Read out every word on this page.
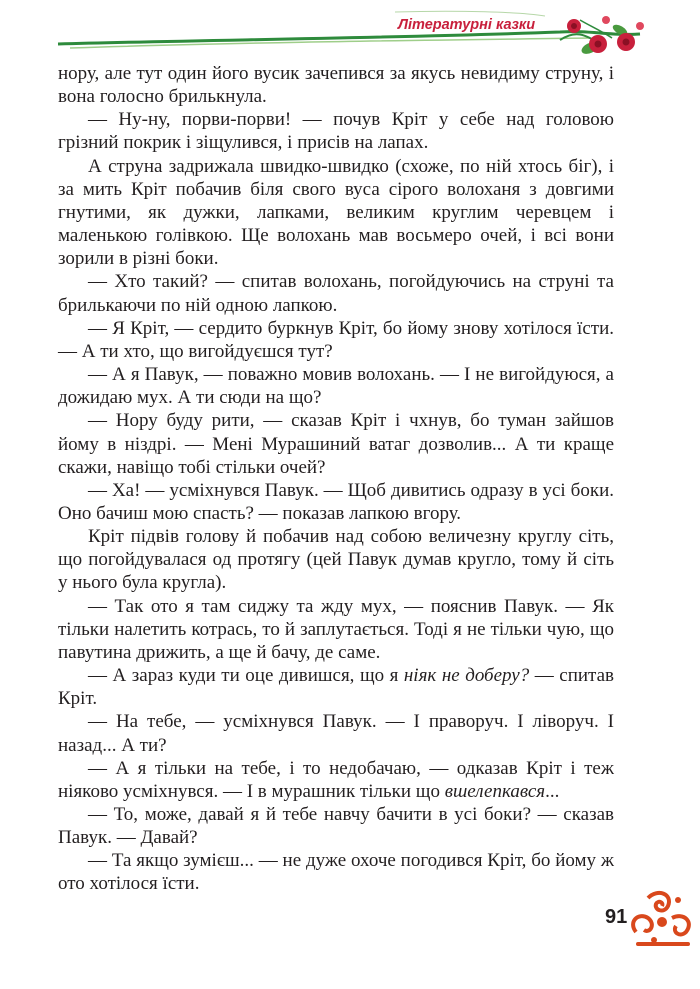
Літературні казки

нору, але тут один його вусик зачепився за якусь невидиму струну, і вона голосно брилькнула.

— Ну-ну, порви-порви! — почув Кріт у себе над головою грізний покрик і зіщулився, і присів на лапах.

А струна задрижала швидко-швидко (схоже, по ній хтось біг), і за мить Кріт побачив біля свого вуса сірого волоханя з довгими гнутими, як дужки, лапками, великим круглим черевцем і маленькою голівкою. Ще волохань мав восьмеро очей, і всі вони зорили в різні боки.

— Хто такий? — спитав волохань, погойдуючись на струні та брилькаючи по ній одною лапкою.

— Я Кріт, — сердито буркнув Кріт, бо йому знову хотілося їсти. — А ти хто, що вигойдуєшся тут?

— А я Павук, — поважно мовив волохань. — І не вигойдуюся, а дожидаю мух. А ти сюди на що?

— Нору буду рити, — сказав Кріт і чхнув, бо туман зайшов йому в ніздрі. — Мені Мурашиний ватаг дозволив... А ти краще скажи, навіщо тобі стільки очей?

— Ха! — усміхнувся Павук. — Щоб дивитись одразу в усі боки. Оно бачиш мою спасть? — показав лапкою вгору.

Кріт підвів голову й побачив над собою величезну круглу сіть, що погойдувалася од протягу (цей Павук думав кругло, тому й сіть у нього була кругла).

— Так ото я там сиджу та жду мух, — пояснив Павук. — Як тільки налетить котрась, то й заплутається. Тоді я не тільки чую, що павутина дрижить, а ще й бачу, де саме.

— А зараз куди ти оце дивишся, що я ніяк не доберу? — спитав Кріт.

— На тебе, — усміхнувся Павук. — І праворуч. І ліворуч. І назад... А ти?

— А я тільки на тебе, і то недобачаю, — одказав Кріт і теж ніяково усміхнувся. — І в мурашник тільки що вшелепкався...

— То, може, давай я й тебе навчу бачити в усі боки? — сказав Павук. — Давай?

— Та якщо зумієш... — не дуже охоче погодився Кріт, бо йому ж ото хотілося їсти.

91
